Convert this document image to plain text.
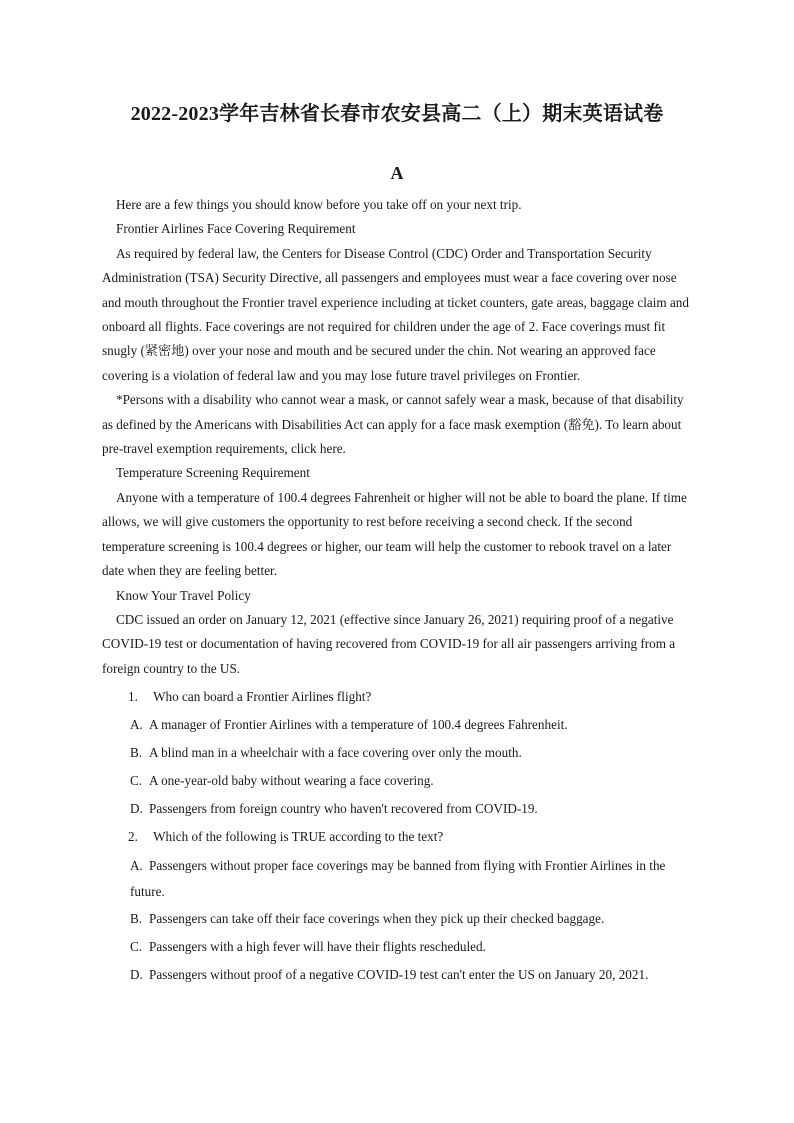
2022-2023学年吉林省长春市农安县高二（上）期末英语试卷
A

Here are a few things you should know before you take off on your next trip.

Frontier Airlines Face Covering Requirement

As required by federal law, the Centers for Disease Control (CDC) Order and Transportation Security Administration (TSA) Security Directive, all passengers and employees must wear a face covering over nose and mouth throughout the Frontier travel experience including at ticket counters, gate areas, baggage claim and onboard all flights. Face coverings are not required for children under the age of 2. Face coverings must fit snugly (紧密地) over your nose and mouth and be secured under the chin. Not wearing an approved face covering is a violation of federal law and you may lose future travel privileges on Frontier.

*Persons with a disability who cannot wear a mask, or cannot safely wear a mask, because of that disability as defined by the Americans with Disabilities Act can apply for a face mask exemption (豁免). To learn about pre-travel exemption requirements, click here.

Temperature Screening Requirement

Anyone with a temperature of 100.4 degrees Fahrenheit or higher will not be able to board the plane. If time allows, we will give customers the opportunity to rest before receiving a second check. If the second temperature screening is 100.4 degrees or higher, our team will help the customer to rebook travel on a later date when they are feeling better.

Know Your Travel Policy

CDC issued an order on January 12, 2021 (effective since January 26, 2021) requiring proof of a negative COVID-19 test or documentation of having recovered from COVID-19 for all air passengers arriving from a foreign country to the US.

1. Who can board a Frontier Airlines flight?

A. A manager of Frontier Airlines with a temperature of 100.4 degrees Fahrenheit.

B. A blind man in a wheelchair with a face covering over only the mouth.

C. A one-year-old baby without wearing a face covering.

D. Passengers from foreign country who haven't recovered from COVID-19.

2. Which of the following is TRUE according to the text?

A. Passengers without proper face coverings may be banned from flying with Frontier Airlines in the future.

B. Passengers can take off their face coverings when they pick up their checked baggage.

C. Passengers with a high fever will have their flights rescheduled.

D. Passengers without proof of a negative COVID-19 test can't enter the US on January 20, 2021.
